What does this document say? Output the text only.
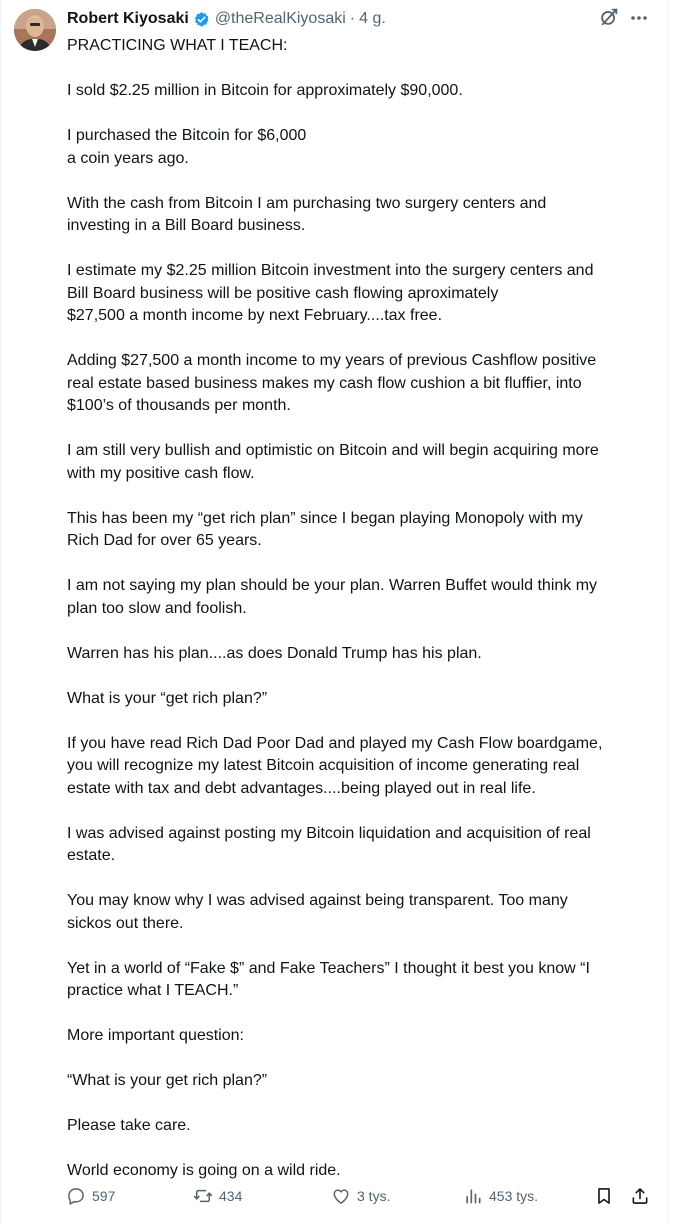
Robert Kiyosaki @theRealKiyosaki · 4 g.

PRACTICING WHAT I TEACH:

I sold $2.25 million in Bitcoin for approximately $90,000.

I purchased the Bitcoin for $6,000
a coin years ago.

With the cash from Bitcoin I am purchasing two surgery centers and
investing in a Bill Board business.

I estimate my $2.25 million Bitcoin investment into the surgery centers and
Bill Board business will be positive cash flowing aproximately
$27,500 a month income by next February....tax free.

Adding $27,500 a month income to my years of previous Cashflow positive
real estate based business makes my cash flow cushion a bit fluffier, into
$100’s of thousands per month.

I am still very bullish and optimistic on Bitcoin and will begin acquiring more
with my positive cash flow.

This has been my “get rich plan” since I began playing Monopoly with my
Rich Dad for over 65 years.

I am not saying my plan should be your plan. Warren Buffet would think my
plan too slow and foolish.

Warren has his plan....as does Donald Trump has his plan.

What is your “get rich plan?”

If you have read Rich Dad Poor Dad and played my Cash Flow boardgame,
you will recognize my latest Bitcoin acquisition of income generating real
estate with tax and debt advantages....being played out in real life.

I was advised against posting my Bitcoin liquidation and acquisition of real
estate.

You may know why I was advised against being transparent. Too many
sickos out there.

Yet in a world of “Fake $” and Fake Teachers” I thought it best you know “I
practice what I TEACH.”

More important question:

“What is your get rich plan?”

Please take care.

World economy is going on a wild ride.

597	434	3 tys.	453 tys.
